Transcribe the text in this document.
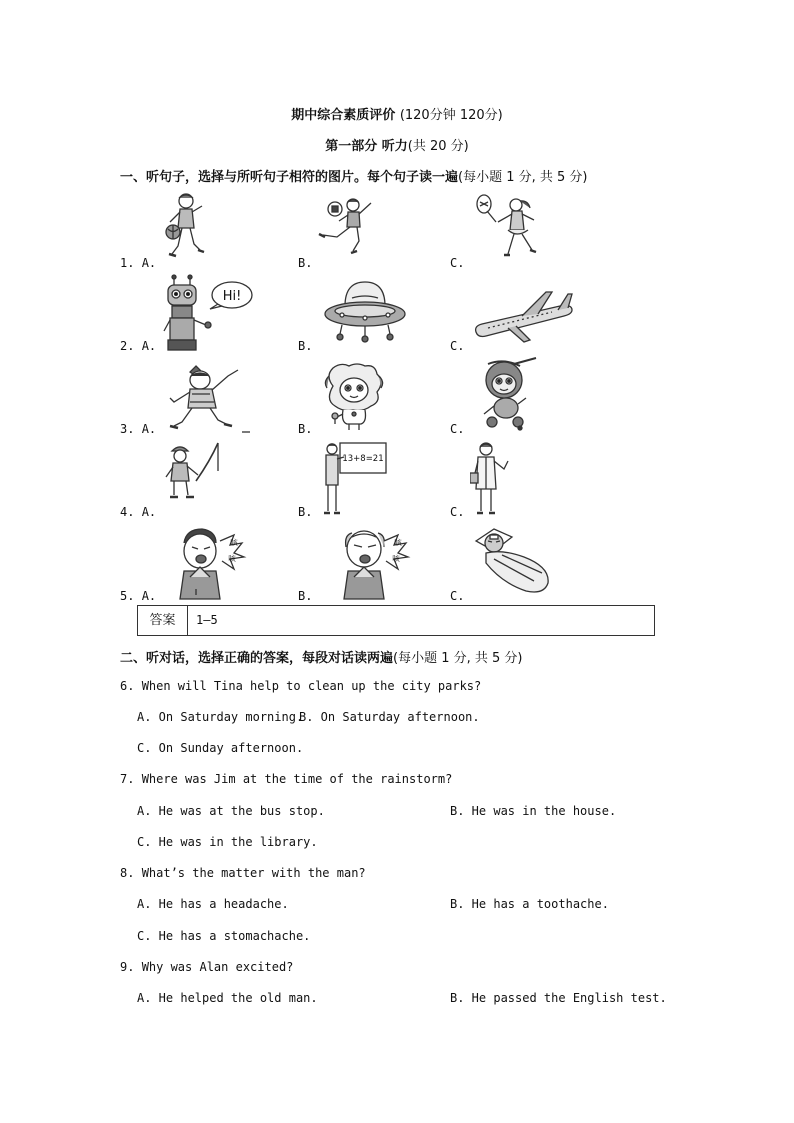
期中综合素质评价 (120分钟 120分)
第一部分 听力(共 20 分)
一、听句子，选择与所听句子相符的图片。每个句子读一遍(每小题 1 分, 共 5 分)
1. A.	B.	C.
2. A.	B.	C.
3. A.	B.	C.
4. A.	B.	C.
5. A.	B.	C.
Hi!
13+8=21
咳
咳
咳
咳
答案	1—5
二、听对话，选择正确的答案，每段对话读两遍(每小题 1 分, 共 5 分)
6. When will Tina help to clean up the city parks?
A. On Saturday morning.
B. On Saturday afternoon.
C. On Sunday afternoon.
7. Where was Jim at the time of the rainstorm?
A. He was at the bus stop.	B. He was in the house.
C. He was in the library.
8. What’s the matter with the man?
A. He has a headache.	B. He has a toothache.
C. He has a stomachache.
9. Why was Alan excited?
A. He helped the old man.	B. He passed the English test.
